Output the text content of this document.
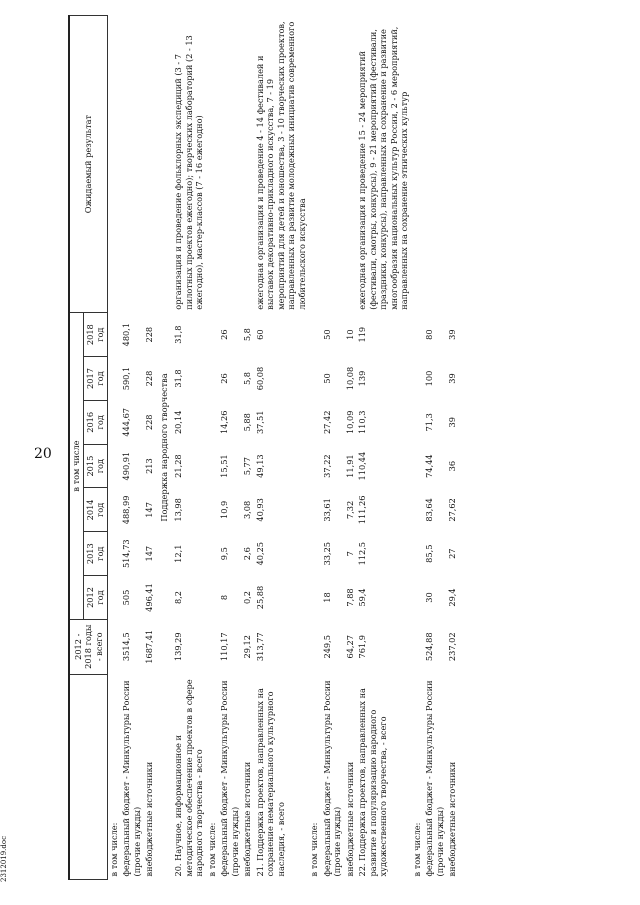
20
2312019.doc
	2012 - 2018 годы - всего	в том числе							Ожидаемый результат
		2012 год	2013 год	2014 год	2015 год	2016 год	2017 год	2018 год	
в том числе:									
федеральный бюджет - Минкультуры России (прочие нужды)	3514,5	505	514,73	488,99	490,91	444,67	590,1	480,1	
внебюджетные источники	1687,41	496,41	147	147	213	228	228	228	
Поддержка народного творчества									
20. Научное, информационное и методическое обеспечение проектов в сфере народного творчества - всего	139,29	8,2	12,1	13,98	21,28	20,14	31,8	31,8	организация и проведение фольклорных экспедиций (3 - 7 пилотных проектов ежегодно); творческих лабораторий (2 - 13 ежегодно), мастер-классов (7 - 16 ежегодно)
в том числе:									
федеральный бюджет - Минкультуры России (прочие нужды)	110,17	8	9,5	10,9	15,51	14,26	26	26	
внебюджетные источники	29,12	0,2	2,6	3,08	5,77	5,88	5,8	5,8	
21. Поддержка проектов, направленных на сохранение нематериального культурного наследия, - всего	313,77	25,88	40,25	40,93	49,13	37,51	60,08	60	ежегодная организация и проведение 4 - 14 фестивалей и выставок декоративно-прикладного искусства, 7 - 19 мероприятий для детей и юношества, 3 - 10 творческих проектов, направленных на развитие молодежных инициатив современного любительского искусства
в том числе:									
федеральный бюджет - Минкультуры России (прочие нужды)	249,5	18	33,25	33,61	37,22	27,42	50	50	
внебюджетные источники	64,27	7,88	7	7,32	11,91	10,09	10,08	10	
22. Поддержка проектов, направленных на развитие и популяризацию народного художественного творчества, - всего	761,9	59,4	112,5	111,26	110,44	110,3	139	119	ежегодная организация и проведение 15 - 24 мероприятий (фестивали, смотры, конкурсы), 9 - 21 мероприятий (фестивали, праздники, конкурсы), направленных на сохранение и развитие многообразия национальных культур России, 2 - 6 мероприятий, направленных на сохранение этнических культур
в том числе:									
федеральный бюджет - Минкультуры России (прочие нужды)	524,88	30	85,5	83,64	74,44	71,3	100	80	
внебюджетные источники	237,02	29,4	27	27,62	36	39	39	39	
